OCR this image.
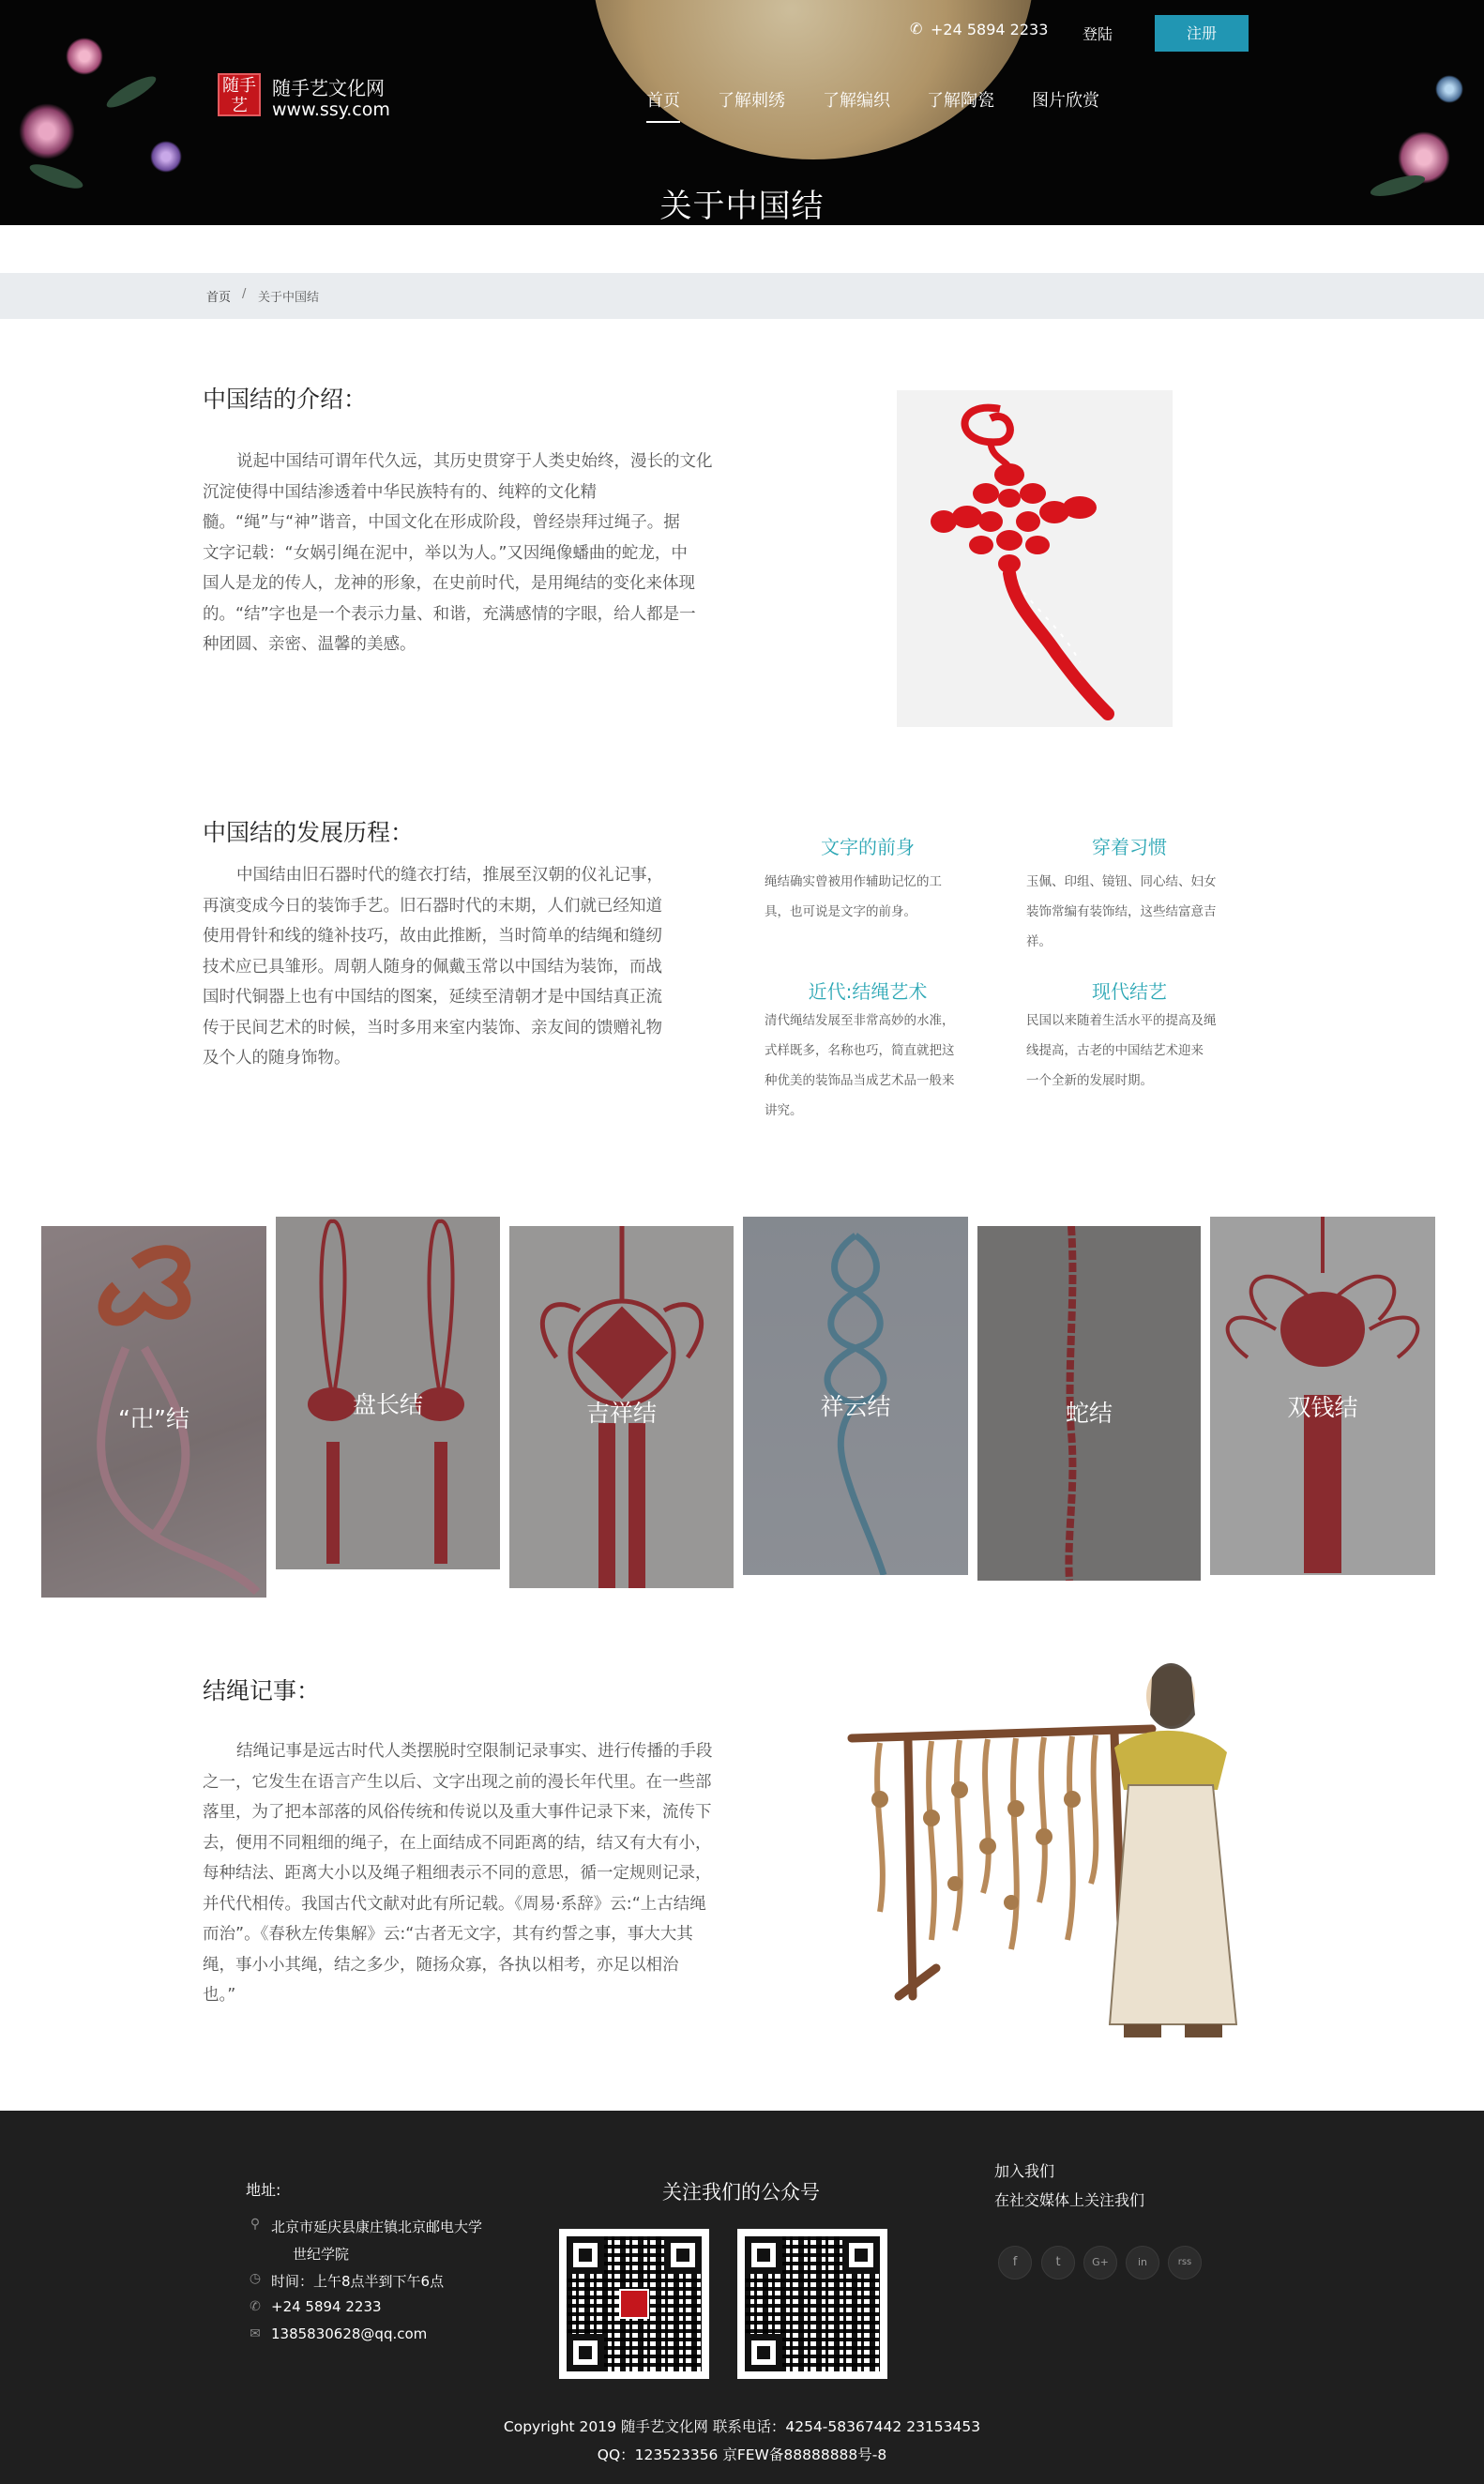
随手艺
随手艺文化网
www.ssy.com
✆ +24 5894 2233 登陆	注册
首页 了解刺绣 了解编织 了解陶瓷 图片欣赏
关于中国结
首页 / 关于中国结
中国结的介绍：
说起中国结可谓年代久远，其历史贯穿于人类史始终，漫长的文化
沉淀使得中国结渗透着中华民族特有的、纯粹的文化精
髓。“绳”与“神”谐音，中国文化在形成阶段，曾经崇拜过绳子。据
文字记载：“女娲引绳在泥中，举以为人。”又因绳像蟠曲的蛇龙，中
国人是龙的传人，龙神的形象，在史前时代，是用绳结的变化来体现
的。“结”字也是一个表示力量、和谐，充满感情的字眼，给人都是一
种团圆、亲密、温馨的美感。
中国结的发展历程：
中国结由旧石器时代的缝衣打结，推展至汉朝的仪礼记事，
再演变成今日的装饰手艺。旧石器时代的末期，人们就已经知道
使用骨针和线的缝补技巧，故由此推断，当时简单的结绳和缝纫
技术应已具雏形。周朝人随身的佩戴玉常以中国结为装饰，而战
国时代铜器上也有中国结的图案，延续至清朝才是中国结真正流
传于民间艺术的时候，当时多用来室内装饰、亲友间的馈赠礼物
及个人的随身饰物。
文字的前身
绳结确实曾被用作辅助记忆的工
具，也可说是文字的前身。
穿着习惯
玉佩、印组、镜钮、同心结、妇女
装饰常编有装饰结，这些结富意吉
祥。
近代:结绳艺术
清代绳结发展至非常高妙的水准，
式样既多，名称也巧，简直就把这
种优美的装饰品当成艺术品一般来
讲究。
现代结艺
民国以来随着生活水平的提高及绳
线提高，古老的中国结艺术迎来
一个全新的发展时期。
“卍”结
盘长结	吉祥结	祥云结	蛇结	双钱结
结绳记事：
结绳记事是远古时代人类摆脱时空限制记录事实、进行传播的手段
之一，它发生在语言产生以后、文字出现之前的漫长年代里。在一些部
落里，为了把本部落的风俗传统和传说以及重大事件记录下来，流传下
去，便用不同粗细的绳子，在上面结成不同距离的结，结又有大有小，
每种结法、距离大小以及绳子粗细表示不同的意思，循一定规则记录，
并代代相传。我国古代文献对此有所记载。《周易·系辞》云:“上古结绳
而治”。《春秋左传集解》云:“古者无文字，其有约誓之事，事大大其
绳，事小小其绳，结之多少，随扬众寡，各执以相考，亦足以相治
也。”
地址:
⚲ 北京市延庆县康庄镇北京邮电大学
世纪学院
◷ 时间：上午8点半到下午6点
✆ +24 5894 2233
✉ 1385830628@qq.com
关注我们的公众号
加入我们
在社交媒体上关注我们
f	t	G+	in	rss
Copyright 2019 随手艺文化网 联系电话：4254-58367442 23153453
QQ：123523356 京FEW备88888888号-8
